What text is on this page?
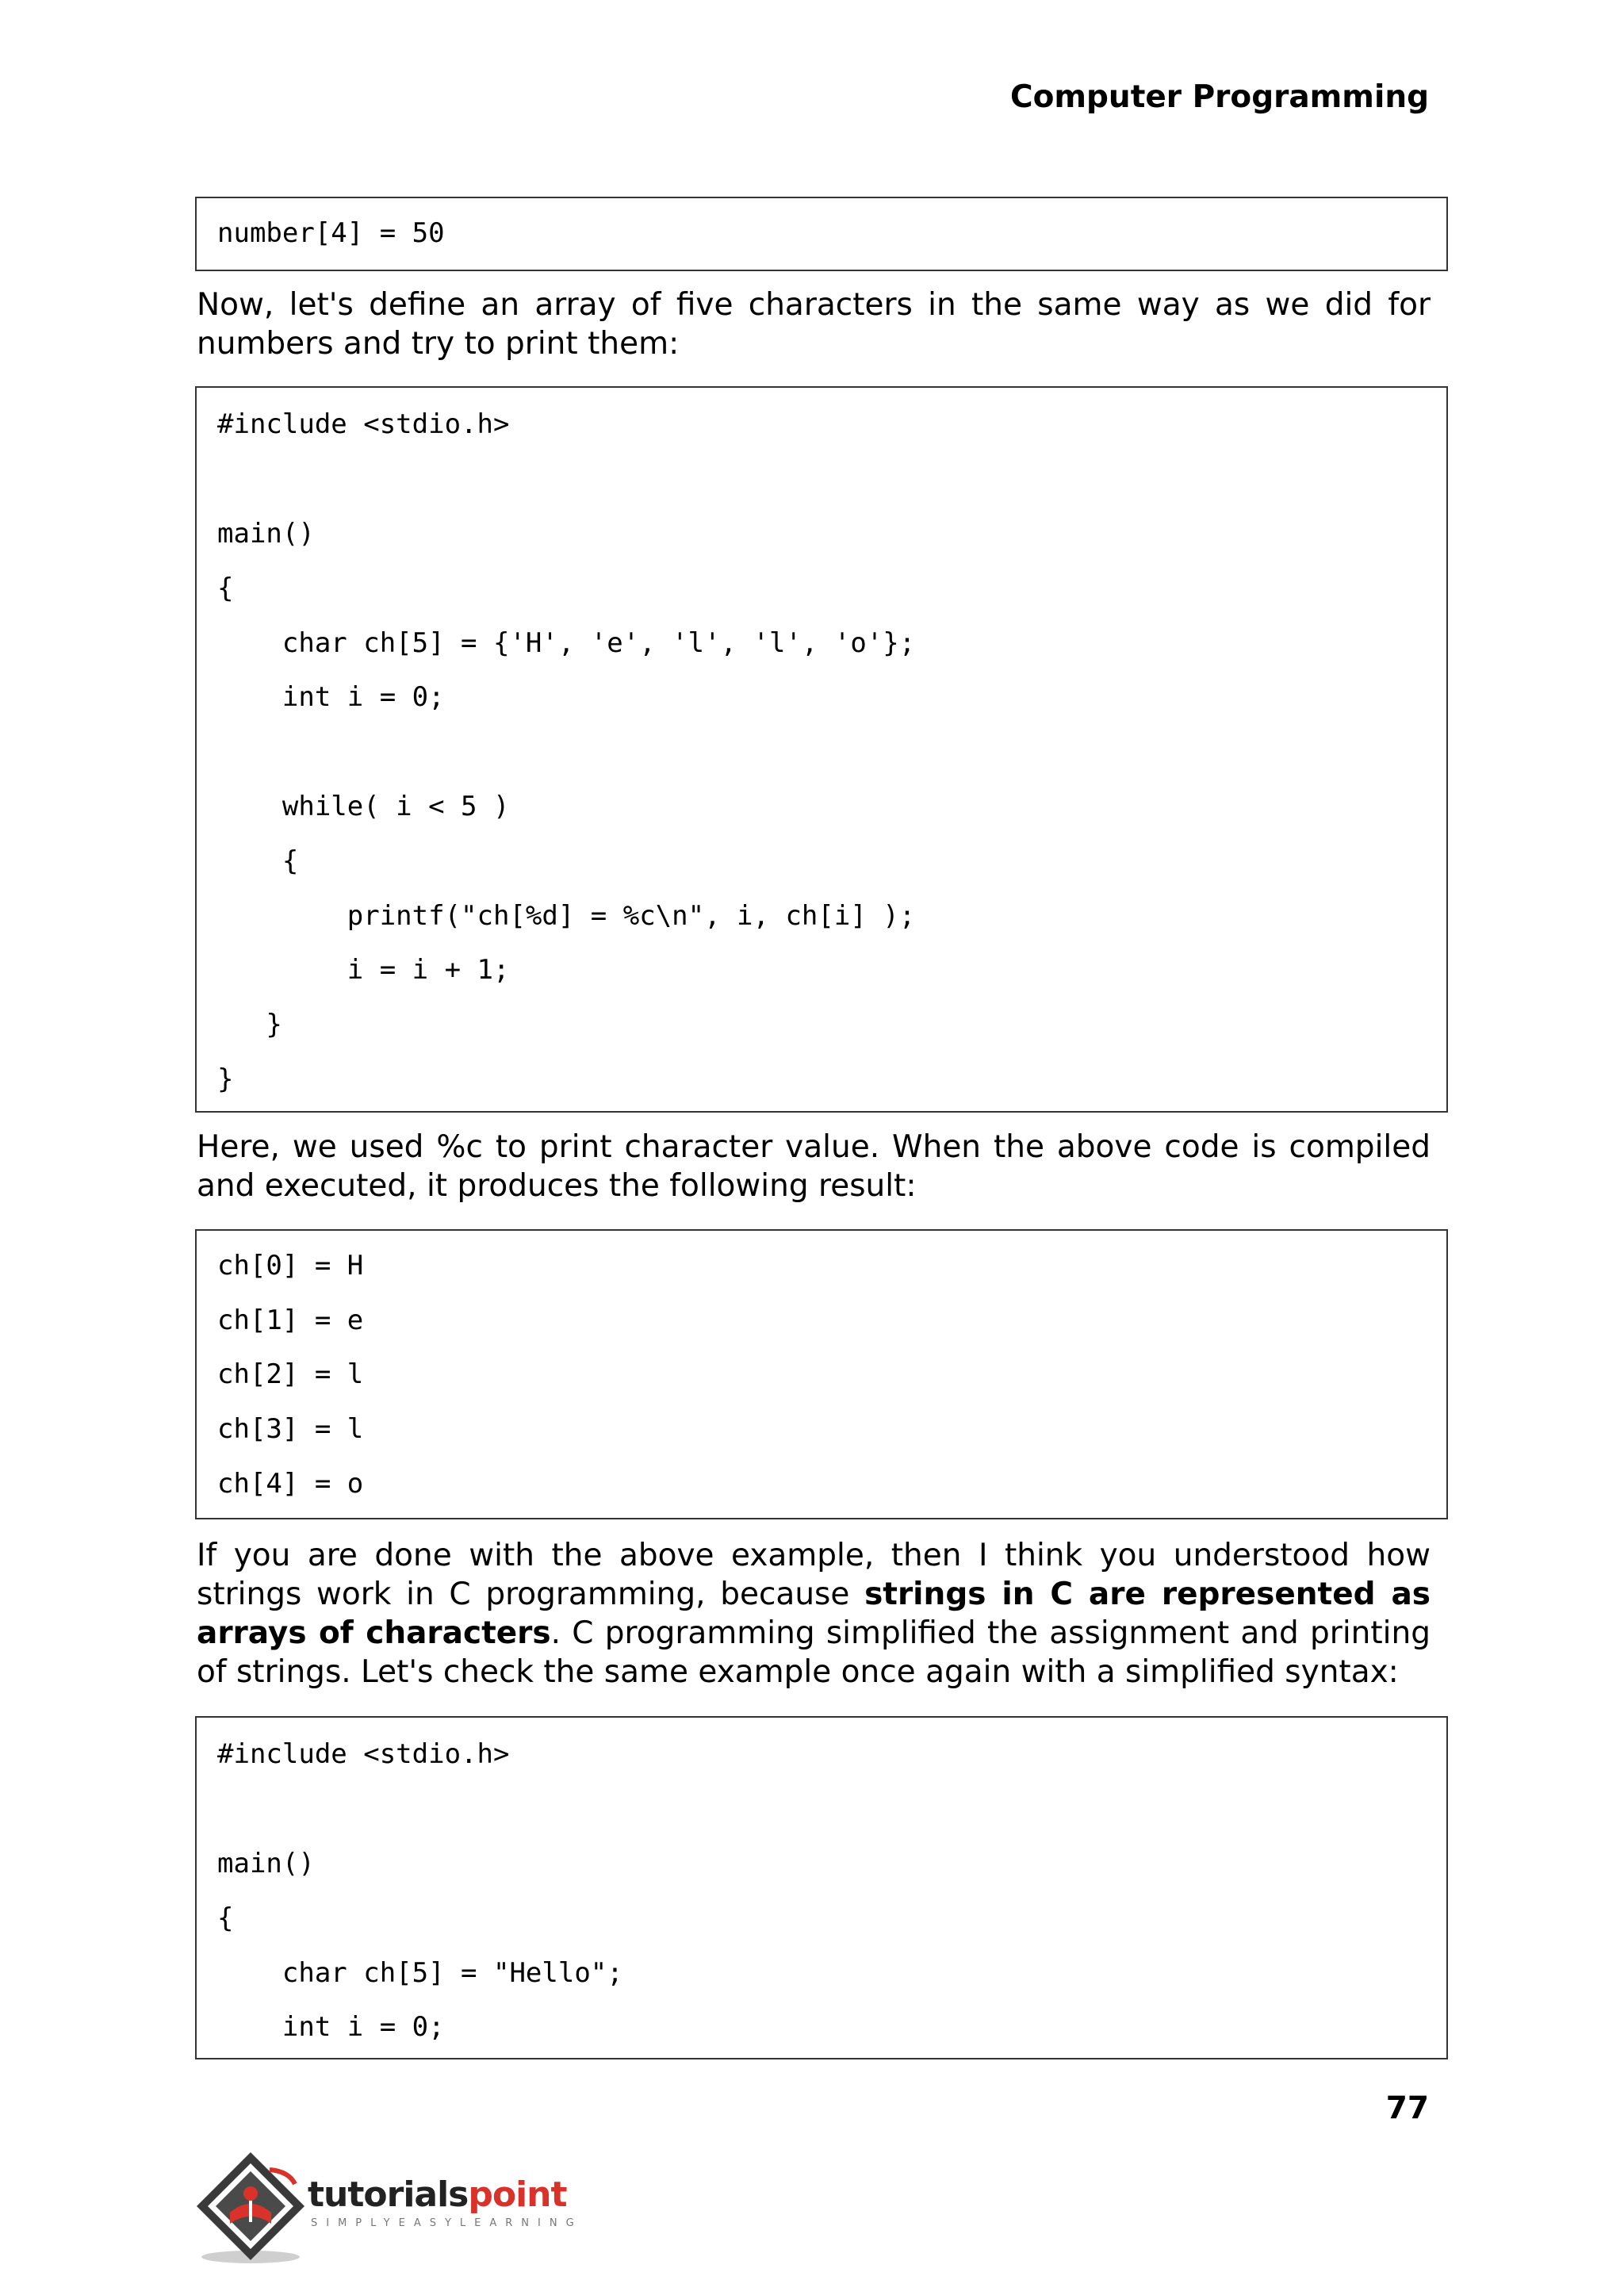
Computer Programming
number[4] = 50
Now, let's define an array of five characters in the same way as we did for numbers and try to print them:
#include <stdio.h>
main()
{
char ch[5] = {'H', 'e', 'l', 'l', 'o'};
int i = 0;
while( i < 5 )
{
printf("ch[%d] = %c\n", i, ch[i] );
i = i + 1;
}
}
Here, we used %c to print character value. When the above code is compiled and executed, it produces the following result:
ch[0] = H
ch[1] = e
ch[2] = l
ch[3] = l
ch[4] = o
If you are done with the above example, then I think you understood how strings work in C programming, because strings in C are represented as arrays of characters. C programming simplified the assignment and printing of strings. Let's check the same example once again with a simplified syntax:
#include <stdio.h>
main()
{
char ch[5] = "Hello";
int i = 0;
77
tutorialspoint
SIMPLYEASYLEARNING
